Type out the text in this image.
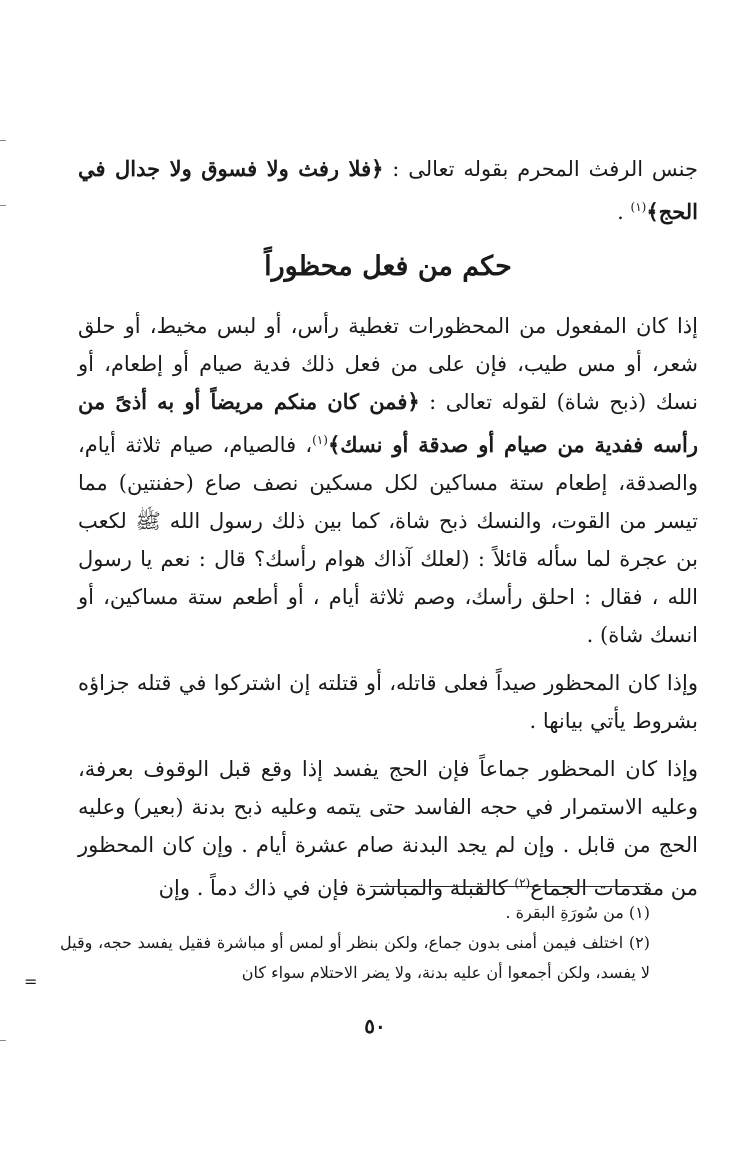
جنس الرفث المحرم بقوله تعالى : ﴿فلا رفث ولا فسوق ولا جدال في الحج﴾$^{(١)}$ .

حكم من فعل محظوراً

إذا كان المفعول من المحظورات تغطية رأس، أو لبس مخيط، أو حلق شعر، أو مس طيب، فإن على من فعل ذلك فدية صيام أو إطعام، أو نسك (ذبح شاة) لقوله تعالى : ﴿فمن كان منكم مريضاً أو به أذىً من رأسه ففدية من صيام أو صدقة أو نسك﴾$^{(١)}$، فالصيام، صيام ثلاثة أيام، والصدقة، إطعام ستة مساكين لكل مسكين نصف صاع (حفنتين) مما تيسر من القوت، والنسك ذبح شاة، كما بين ذلك رسول الله ﷺ لكعب بن عجرة لما سأله قائلاً : (لعلك آذاك هوام رأسك؟ قال : نعم يا رسول الله ، فقال : احلق رأسك، وصم ثلاثة أيام ، أو أطعم ستة مساكين، أو انسك شاة) .

وإذا كان المحظور صيداً فعلى قاتله، أو قتلته إن اشتركوا في قتله جزاؤه بشروط يأتي بيانها .

وإذا كان المحظور جماعاً فإن الحج يفسد إذا وقع قبل الوقوف بعرفة، وعليه الاستمرار في حجه الفاسد حتى يتمه وعليه ذبح بدنة (بعير) وعليه الحج من قابل . وإن لم يجد البدنة صام عشرة أيام . وإن كان المحظور من مقدمات الجماع$^{(٢)}$ كالقبلة والمباشرة فإن في ذاك دماً . وإن

(١) من سُورَةِ البقرة .
(٢) اختلف فيمن أمنى بدون جماع، ولكن بنظر أو لمس أو مباشرة فقيل يفسد حجه، وقيل لا يفسد، ولكن أجمعوا أن عليه بدنة، ولا يضر الاحتلام سواء كان
=
٥٠
